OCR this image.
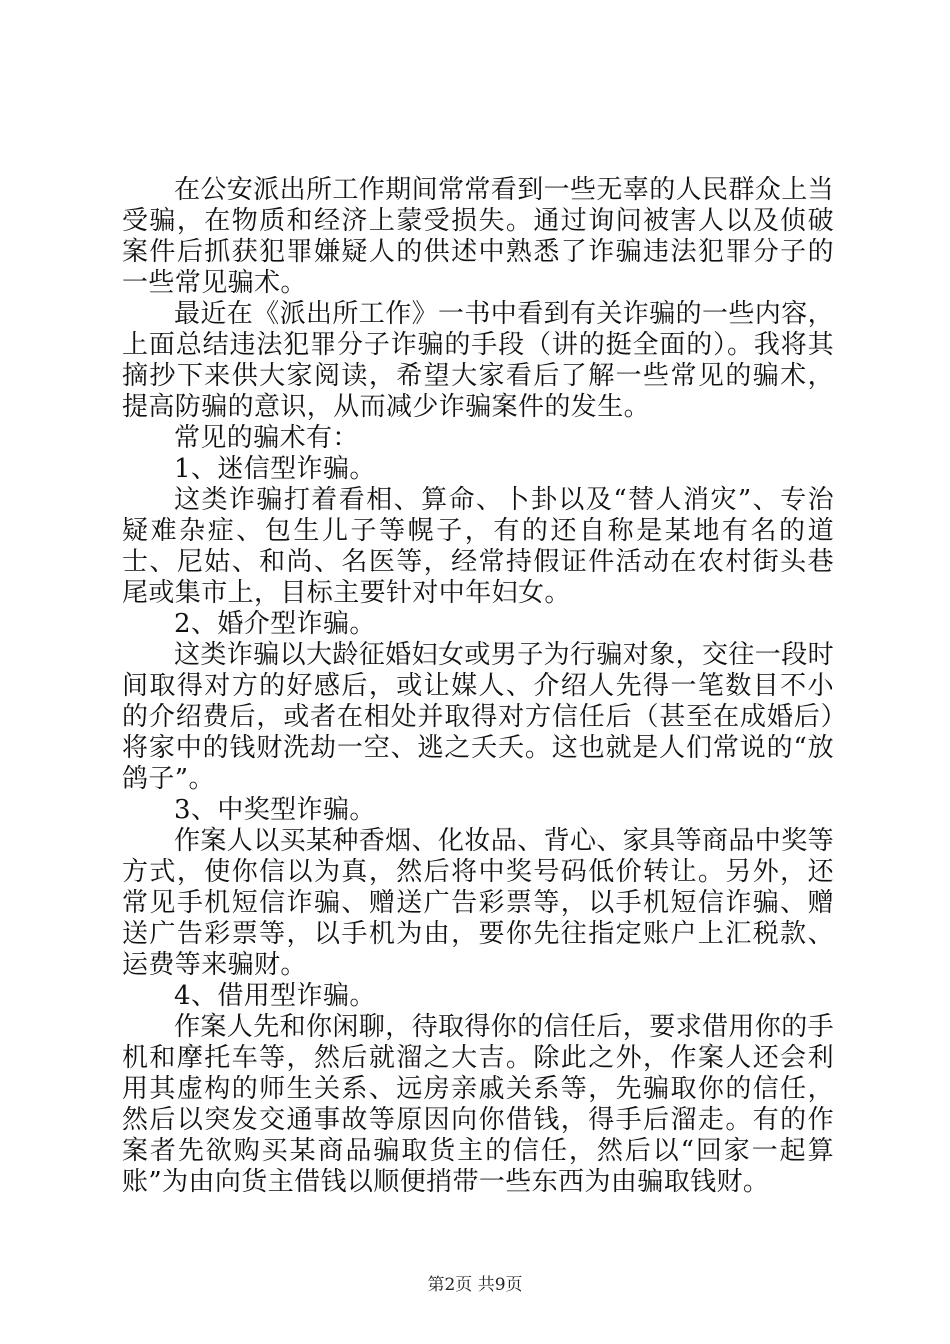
在公安派出所工作期间常常看到一些无辜的人民群众上当受骗，在物质和经济上蒙受损失。通过询问被害人以及侦破案件后抓获犯罪嫌疑人的供述中熟悉了诈骗违法犯罪分子的一些常见骗术。

最近在《派出所工作》一书中看到有关诈骗的一些内容，上面总结违法犯罪分子诈骗的手段（讲的挺全面的）。我将其摘抄下来供大家阅读，希望大家看后了解一些常见的骗术，提高防骗的意识，从而减少诈骗案件的发生。

常见的骗术有：

1、迷信型诈骗。

这类诈骗打着看相、算命、卜卦以及“替人消灾”、专治疑难杂症、包生儿子等幌子，有的还自称是某地有名的道士、尼姑、和尚、名医等，经常持假证件活动在农村街头巷尾或集市上，目标主要针对中年妇女。

2、婚介型诈骗。

这类诈骗以大龄征婚妇女或男子为行骗对象，交往一段时间取得对方的好感后，或让媒人、介绍人先得一笔数目不小的介绍费后，或者在相处并取得对方信任后（甚至在成婚后）将家中的钱财洗劫一空、逃之夭夭。这也就是人们常说的“放鸽子”。

3、中奖型诈骗。

作案人以买某种香烟、化妆品、背心、家具等商品中奖等方式，使你信以为真，然后将中奖号码低价转让。另外，还常见手机短信诈骗、赠送广告彩票等，以手机短信诈骗、赠送广告彩票等，以手机为由，要你先往指定账户上汇税款、运费等来骗财。

4、借用型诈骗。

作案人先和你闲聊，待取得你的信任后，要求借用你的手机和摩托车等，然后就溜之大吉。除此之外，作案人还会利用其虚构的师生关系、远房亲戚关系等，先骗取你的信任，然后以突发交通事故等原因向你借钱，得手后溜走。有的作案者先欲购买某商品骗取货主的信任，然后以“回家一起算账”为由向货主借钱以顺便捎带一些东西为由骗取钱财。

第2页 共9页
